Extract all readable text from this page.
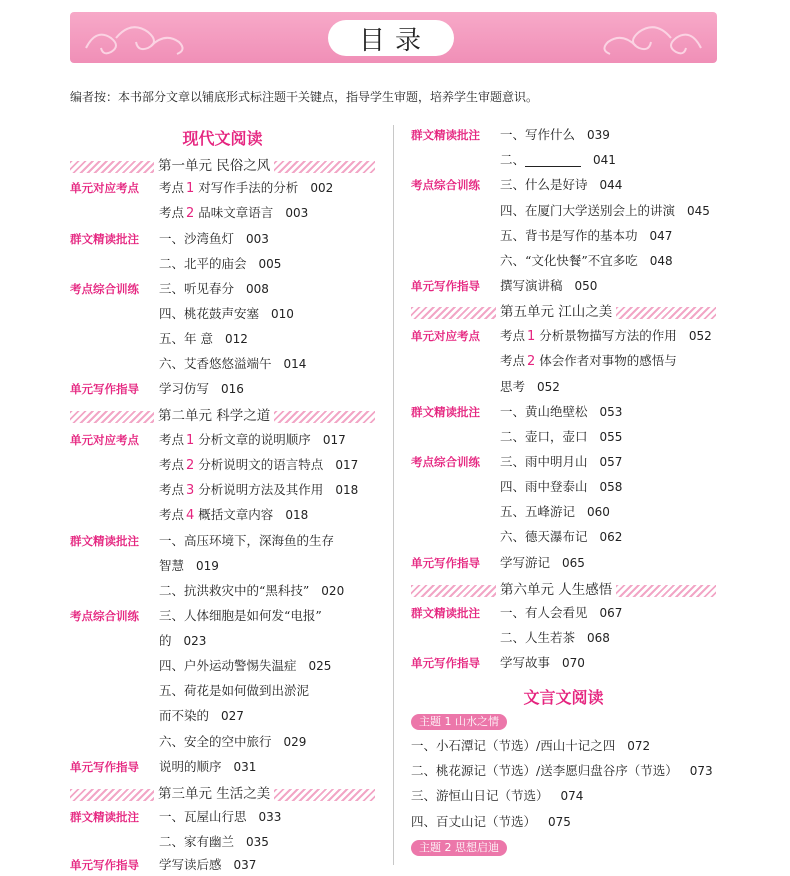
目录
编者按：本书部分文章以铺底形式标注题干关键点，指导学生审题，培养学生审题意识。
现代文阅读
第一单元 民俗之风
单元对应考点 考点 1 对写作手法的分析 002
考点 2 品味文章语言 003
群文精读批注 一、沙湾鱼灯 003
二、北平的庙会 005
考点综合训练 三、听见春分 008
四、桃花鼓声安塞 010
五、年 意 012
六、艾香悠悠溢端午 014
单元写作指导 学习仿写 016
第二单元 科学之道
单元对应考点 考点 1 分析文章的说明顺序 017
考点 2 分析说明文的语言特点 017
考点 3 分析说明方法及其作用 018
考点 4 概括文章内容 018
群文精读批注 一、高压环境下，深海鱼的生存
智慧 019
二、抗洪救灾中的“黑科技” 020
考点综合训练 三、人体细胞是如何发“电报”
的 023
四、户外运动警惕失温症 025
五、荷花是如何做到出淤泥
而不染的 027
六、安全的空中旅行 029
单元写作指导 说明的顺序 031
第三单元 生活之美
群文精读批注 一、瓦屋山行思 033
二、家有幽兰 035
单元写作指导 学写读后感 037
群文精读批注 一、写作什么 039
二、	041
考点综合训练 三、什么是好诗 044
四、在厦门大学送别会上的讲演 045
五、背书是写作的基本功 047
六、“文化快餐”不宜多吃 048
单元写作指导 撰写演讲稿 050
第五单元 江山之美
单元对应考点 考点 1 分析景物描写方法的作用 052
考点 2 体会作者对事物的感悟与
思考 052
群文精读批注 一、黄山绝壁松 053
二、壶口，壶口 055
考点综合训练 三、雨中明月山 057
四、雨中登泰山 058
五、五峰游记 060
六、德天瀑布记 062
单元写作指导 学写游记 065
第六单元 人生感悟
群文精读批注 一、有人会看见 067
二、人生若茶 068
单元写作指导 学写故事 070
文言文阅读
主题 1 山水之情
一、小石潭记（节选）/西山十记之四 072
二、桃花源记（节选）/送李愿归盘谷序（节选） 073
三、游恒山日记（节选） 074
四、百丈山记（节选） 075
主题 2 思想启迪
